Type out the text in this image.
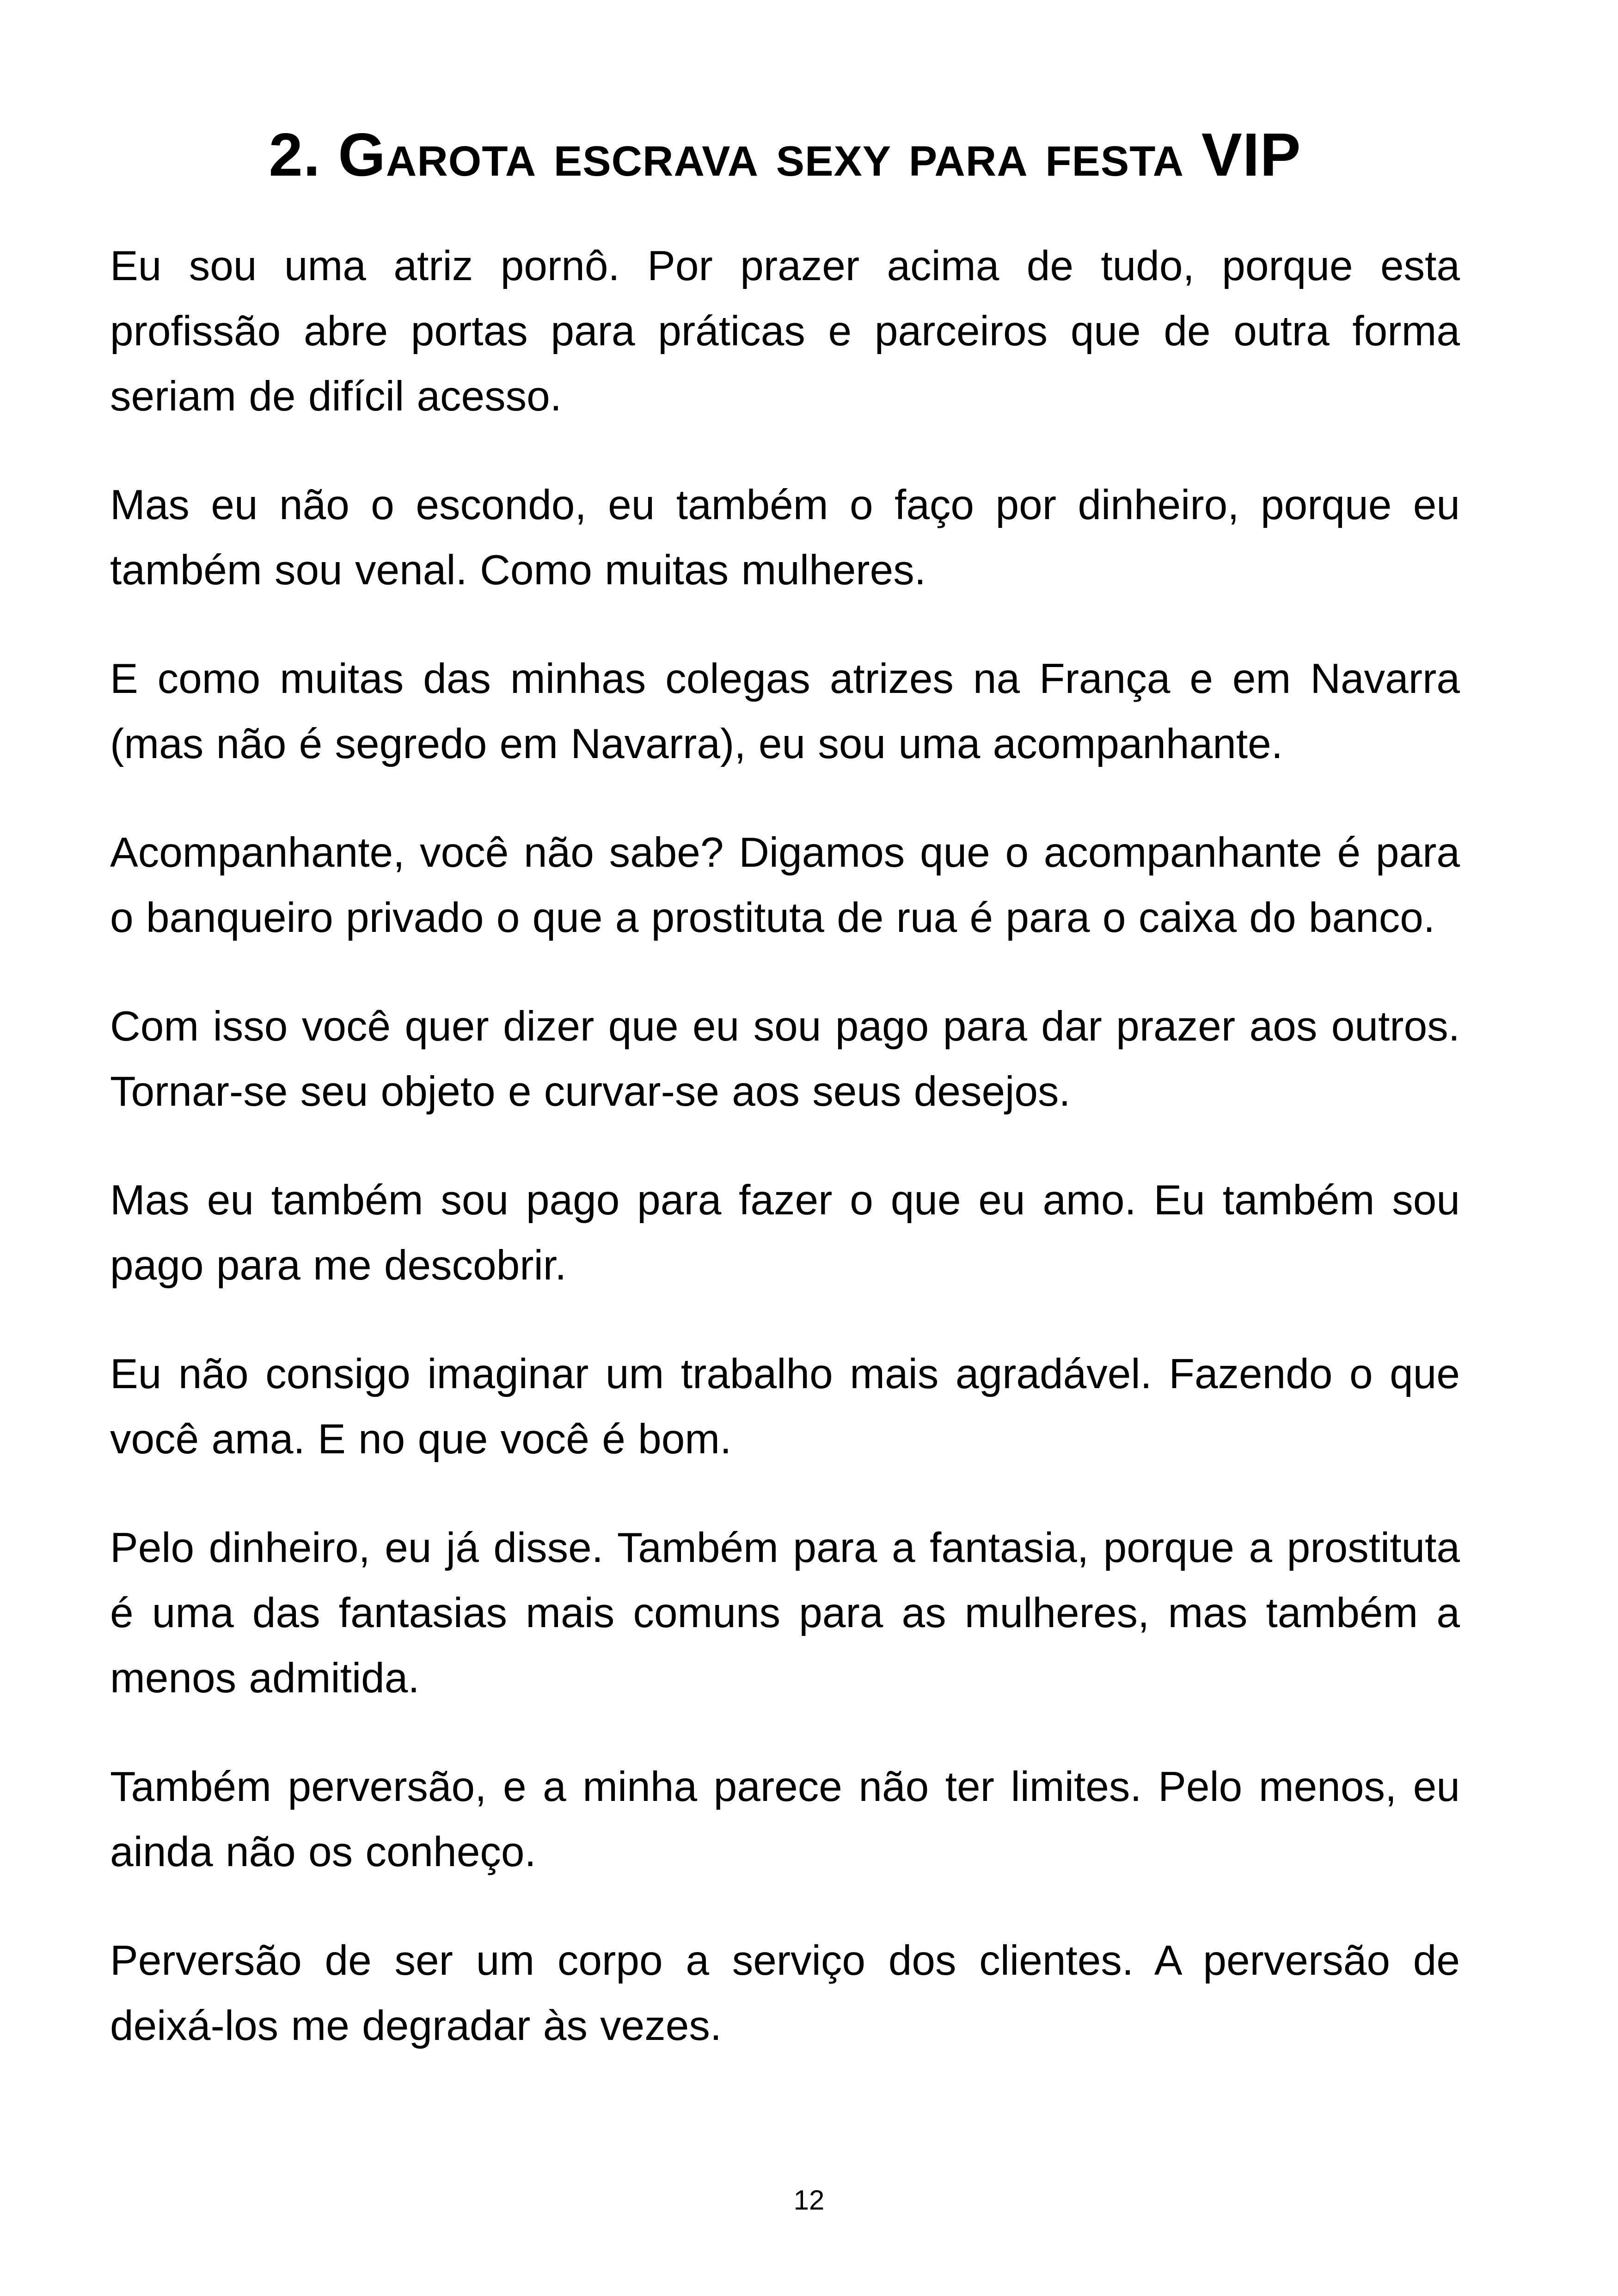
2. Garota escrava sexy para festa VIP

Eu sou uma atriz pornô. Por prazer acima de tudo, porque esta profissão abre portas para práticas e parceiros que de outra forma seriam de difícil acesso.

Mas eu não o escondo, eu também o faço por dinheiro, porque eu também sou venal. Como muitas mulheres.

E como muitas das minhas colegas atrizes na França e em Navarra (mas não é segredo em Navarra), eu sou uma acompanhante.

Acompanhante, você não sabe? Digamos que o acompanhante é para o banqueiro privado o que a prostituta de rua é para o caixa do banco.

Com isso você quer dizer que eu sou pago para dar prazer aos outros. Tornar-se seu objeto e curvar-se aos seus desejos.

Mas eu também sou pago para fazer o que eu amo. Eu também sou pago para me descobrir.

Eu não consigo imaginar um trabalho mais agradável. Fazendo o que você ama. E no que você é bom.

Pelo dinheiro, eu já disse. Também para a fantasia, porque a prostituta é uma das fantasias mais comuns para as mulheres, mas também a menos admitida.

Também perversão, e a minha parece não ter limites. Pelo menos, eu ainda não os conheço.

Perversão de ser um corpo a serviço dos clientes. A perversão de deixá-los me degradar às vezes.

12
